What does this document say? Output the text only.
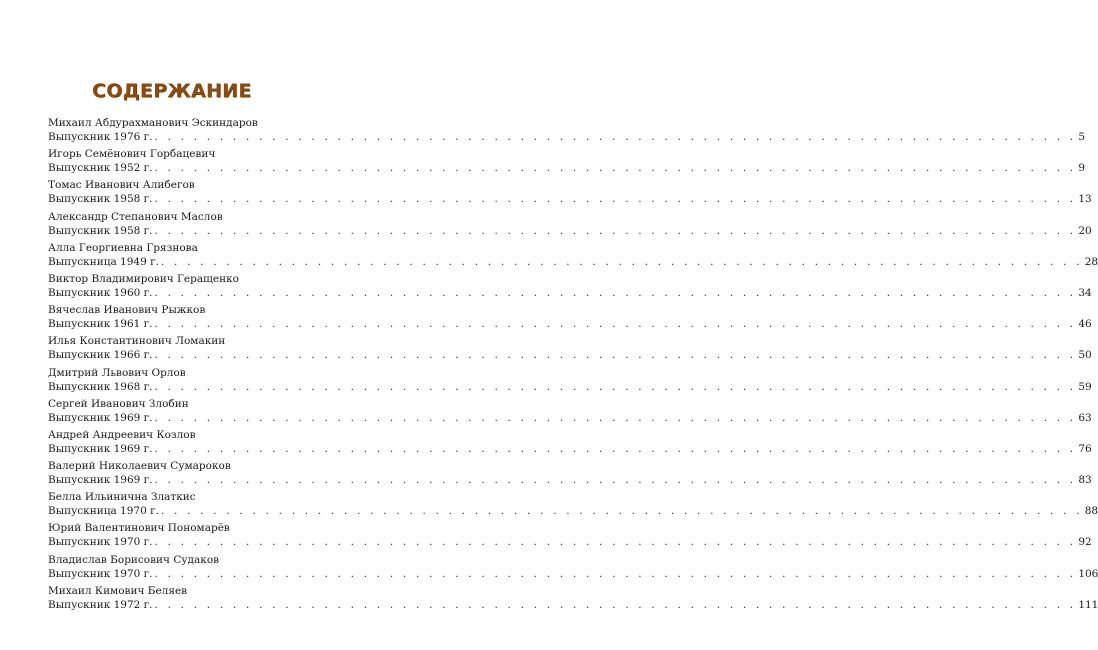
СОДЕРЖАНИЕ
Михаил Абдурахманович Эскиндаров
Выпускник 1976 г. . . . . . . . . . . . . . . . . . . . . . . . . . . . . . . . . . . . . . . . . . . . . . . . . . . . . . . . . . . . . . . . . . . . . . . . 5
Игорь Семёнович Горбацевич
Выпускник 1952 г. . . . . . . . . . . . . . . . . . . . . . . . . . . . . . . . . . . . . . . . . . . . . . . . . . . . . . . . . . . . . . . . . . . . . . . . 9
Томас Иванович Алибегов
Выпускник 1958 г. . . . . . . . . . . . . . . . . . . . . . . . . . . . . . . . . . . . . . . . . . . . . . . . . . . . . . . . . . . . . . . . . . . . . . . . 13
Александр Степанович Маслов
Выпускник 1958 г. . . . . . . . . . . . . . . . . . . . . . . . . . . . . . . . . . . . . . . . . . . . . . . . . . . . . . . . . . . . . . . . . . . . . . . . 20
Алла Георгиевна Грязнова
Выпускница 1949 г. . . . . . . . . . . . . . . . . . . . . . . . . . . . . . . . . . . . . . . . . . . . . . . . . . . . . . . . . . . . . . . . . . . . . . . . 28
Виктор Владимирович Геращенко
Выпускник 1960 г. . . . . . . . . . . . . . . . . . . . . . . . . . . . . . . . . . . . . . . . . . . . . . . . . . . . . . . . . . . . . . . . . . . . . . . . 34
Вячеслав Иванович Рыжков
Выпускник 1961 г. . . . . . . . . . . . . . . . . . . . . . . . . . . . . . . . . . . . . . . . . . . . . . . . . . . . . . . . . . . . . . . . . . . . . . . . 46
Илья Константинович Ломакин
Выпускник 1966 г. . . . . . . . . . . . . . . . . . . . . . . . . . . . . . . . . . . . . . . . . . . . . . . . . . . . . . . . . . . . . . . . . . . . . . . . 50
Дмитрий Львович Орлов
Выпускник 1968 г. . . . . . . . . . . . . . . . . . . . . . . . . . . . . . . . . . . . . . . . . . . . . . . . . . . . . . . . . . . . . . . . . . . . . . . . 59
Сергей Иванович Злобин
Выпускник 1969 г. . . . . . . . . . . . . . . . . . . . . . . . . . . . . . . . . . . . . . . . . . . . . . . . . . . . . . . . . . . . . . . . . . . . . . . . 63
Андрей Андреевич Козлов
Выпускник 1969 г. . . . . . . . . . . . . . . . . . . . . . . . . . . . . . . . . . . . . . . . . . . . . . . . . . . . . . . . . . . . . . . . . . . . . . . . 76
Валерий Николаевич Сумароков
Выпускник 1969 г. . . . . . . . . . . . . . . . . . . . . . . . . . . . . . . . . . . . . . . . . . . . . . . . . . . . . . . . . . . . . . . . . . . . . . . . 83
Белла Ильинична Златкис
Выпускница 1970 г. . . . . . . . . . . . . . . . . . . . . . . . . . . . . . . . . . . . . . . . . . . . . . . . . . . . . . . . . . . . . . . . . . . . . . . . 88
Юрий Валентинович Пономарёв
Выпускник 1970 г. . . . . . . . . . . . . . . . . . . . . . . . . . . . . . . . . . . . . . . . . . . . . . . . . . . . . . . . . . . . . . . . . . . . . . . . 92
Владислав Борисович Судаков
Выпускник 1970 г. . . . . . . . . . . . . . . . . . . . . . . . . . . . . . . . . . . . . . . . . . . . . . . . . . . . . . . . . . . . . . . . . . . . . . . . 106
Михаил Кимович Беляев
Выпускник 1972 г. . . . . . . . . . . . . . . . . . . . . . . . . . . . . . . . . . . . . . . . . . . . . . . . . . . . . . . . . . . . . . . . . . . . . . . . 111
